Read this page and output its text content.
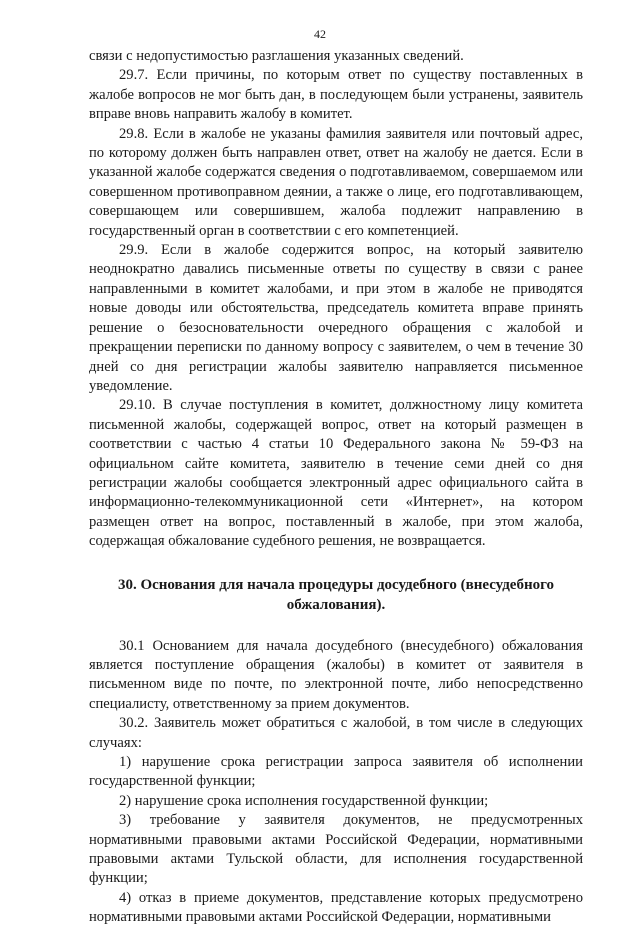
42

связи с недопустимостью разглашения указанных сведений.

29.7. Если причины, по которым ответ по существу поставленных в жалобе вопросов не мог быть дан, в последующем были устранены, заявитель вправе вновь направить жалобу в комитет.

29.8. Если в жалобе не указаны фамилия заявителя или почтовый адрес, по которому должен быть направлен ответ, ответ на жалобу не дается. Если в указанной жалобе содержатся сведения о подготавливаемом, совершаемом или совершенном противоправном деянии, а также о лице, его подготавливающем, совершающем или совершившем, жалоба подлежит направлению в государственный орган в соответствии с его компетенцией.

29.9. Если в жалобе содержится вопрос, на который заявителю неоднократно давались письменные ответы по существу в связи с ранее направленными в комитет жалобами, и при этом в жалобе не приводятся новые доводы или обстоятельства, председатель комитета вправе принять решение о безосновательности очередного обращения с жалобой и прекращении переписки по данному вопросу с заявителем, о чем в течение 30 дней со дня регистрации жалобы заявителю направляется письменное уведомление.

29.10. В случае поступления в комитет, должностному лицу комитета письменной жалобы, содержащей вопрос, ответ на который размещен в соответствии с частью 4 статьи 10 Федерального закона № 59-ФЗ на официальном сайте комитета, заявителю в течение семи дней со дня регистрации жалобы сообщается электронный адрес официального сайта в информационно-телекоммуникационной сети «Интернет», на котором размещен ответ на вопрос, поставленный в жалобе, при этом жалоба, содержащая обжалование судебного решения, не возвращается.

30. Основания для начала процедуры досудебного (внесудебного обжалования).

30.1 Основанием для начала досудебного (внесудебного) обжалования является поступление обращения (жалобы) в комитет от заявителя в письменном виде по почте, по электронной почте, либо непосредственно специалисту, ответственному за прием документов.

30.2. Заявитель может обратиться с жалобой, в том числе в следующих случаях:

1) нарушение срока регистрации запроса заявителя об исполнении государственной функции;

2) нарушение срока исполнения государственной функции;

3) требование у заявителя документов, не предусмотренных нормативными правовыми актами Российской Федерации, нормативными правовыми актами Тульской области, для исполнения государственной функции;

4) отказ в приеме документов, представление которых предусмотрено нормативными правовыми актами Российской Федерации, нормативными
